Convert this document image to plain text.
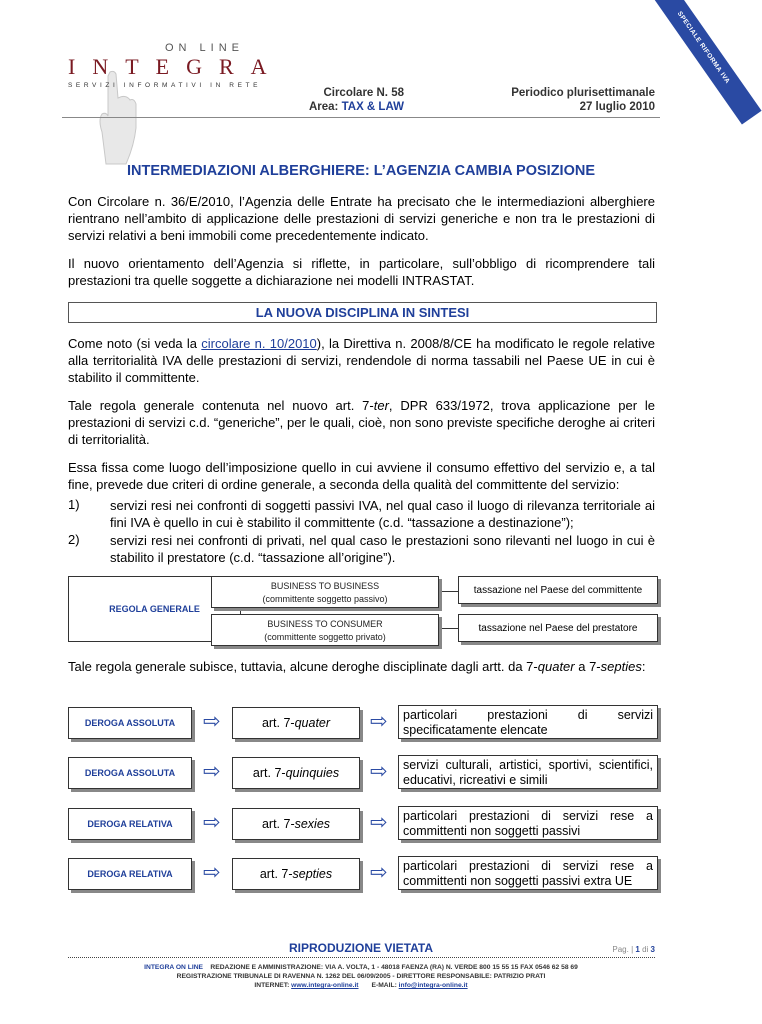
ON LINE
INTEGRA
SERVIZI INFORMATIVI IN RETE
SPECIALE RIFORMA IVA
Circolare N. 58
Area: TAX & LAW
Periodico plurisettimanale
27 luglio 2010
INTERMEDIAZIONI ALBERGHIERE: L’AGENZIA CAMBIA POSIZIONE
Con Circolare n. 36/E/2010, l’Agenzia delle Entrate ha precisato che le intermediazioni alberghiere rientrano nell’ambito di applicazione delle prestazioni di servizi generiche e non tra le prestazioni di servizi relativi a beni immobili come precedentemente indicato.
Il nuovo orientamento dell’Agenzia si riflette, in particolare, sull’obbligo di ricomprendere tali prestazioni tra quelle soggette a dichiarazione nei modelli INTRASTAT.
LA NUOVA DISCIPLINA IN SINTESI
Come noto (si veda la circolare n. 10/2010), la Direttiva n. 2008/8/CE ha modificato le regole relative alla territorialità IVA delle prestazioni di servizi, rendendole di norma tassabili nel Paese UE in cui è stabilito il committente.
Tale regola generale contenuta nel nuovo art. 7-ter, DPR 633/1972, trova applicazione per le prestazioni di servizi c.d. “generiche”, per le quali, cioè, non sono previste specifiche deroghe ai criteri di territorialità.
Essa fissa come luogo dell’imposizione quello in cui avviene il consumo effettivo del servizio e, a tal fine, prevede due criteri di ordine generale, a seconda della qualità del committente del servizio:
1) servizi resi nei confronti di soggetti passivi IVA, nel qual caso il luogo di rilevanza territoriale ai fini IVA è quello in cui è stabilito il committente (c.d. “tassazione a destinazione”);
2) servizi resi nei confronti di privati, nel qual caso le prestazioni sono rilevanti nel luogo in cui è stabilito il prestatore (c.d. “tassazione all’origine”).
REGOLA GENERALE
BUSINESS TO BUSINESS
(committente soggetto passivo)
BUSINESS TO CONSUMER
(committente soggetto privato)
tassazione nel Paese del committente
tassazione nel Paese del prestatore
Tale regola generale subisce, tuttavia, alcune deroghe disciplinate dagli artt. da 7-quater a 7-septies:
DEROGA ASSOLUTA	⇨	art. 7- quater ⇨	particolari prestazioni di servizi specificatamente elencate
DEROGA ASSOLUTA	⇨	art. 7- quinquies ⇨	servizi culturali, artistici, sportivi, scientifici, educativi, ricreativi e simili
DEROGA RELATIVA	⇨	art. 7- sexies ⇨	particolari prestazioni di servizi rese a committenti non soggetti passivi
DEROGA RELATIVA	⇨	art. 7- septies ⇨	particolari prestazioni di servizi rese a committenti non soggetti passivi extra UE
RIPRODUZIONE VIETATA	Pag. | 1 di 3
INTEGRA ON LINE REDAZIONE E AMMINISTRAZIONE: VIA A. VOLTA, 1 - 48018 FAENZA (RA) N. VERDE 800 15 55 15 FAX 0546 62 58 69
REGISTRAZIONE TRIBUNALE DI RAVENNA N. 1262 DEL 06/09/2005 - DIRETTORE RESPONSABILE: PATRIZIO PRATI
INTERNET: www.integra-online.it E-MAIL: info@integra-online.it
